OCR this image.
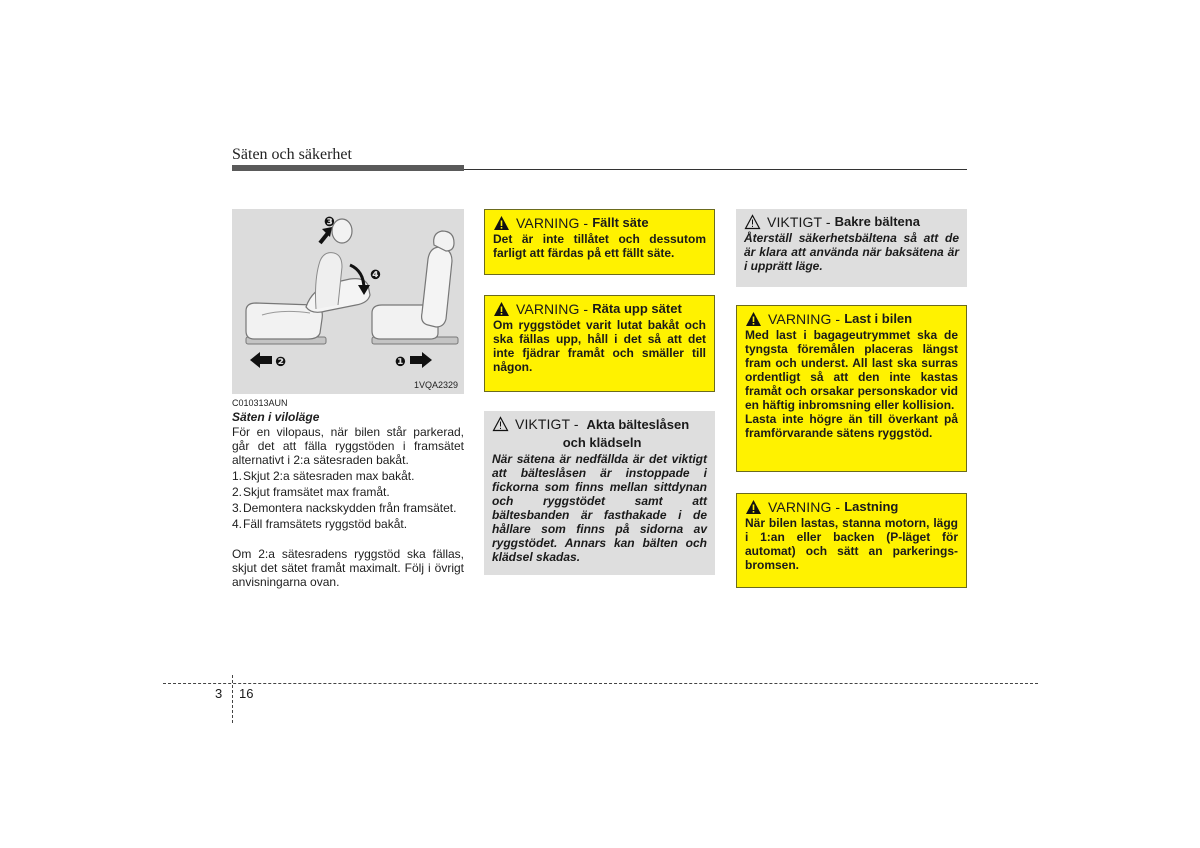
Säten och säkerhet
❸
❹
❷	❶
1VQA2329
C010313AUN
Säten i viloläge

För en vilopaus, när bilen står parkerad, går det att fälla ryggstöden i framsätet alternativt i 2:a sätesraden bakåt.

1. Skjut 2:a sätesraden max bakåt.
2. Skjut framsätet max framåt.
3. Demontera nackskydden från framsätet.
4. Fäll framsätets ryggstöd bakåt.

Om 2:a sätesradens ryggstöd ska fällas, skjut det sätet framåt maximalt. Följ i övrigt anvisningarna ovan.

VARNING - Fällt säte
Det är inte tillåtet och dessutom farligt att färdas på ett fällt säte.
VARNING - Räta upp sätet
Om ryggstödet varit lutat bakåt och ska fällas upp, håll i det så att det inte fjädrar framåt och smäller till någon.
VIKTIGT - Akta bälteslåsen
och klädseln
När sätena är nedfällda är det viktigt att bälteslåsen är instoppade i fickorna som finns mellan sittdynan och ryggstödet samt att bältesbanden är fasthakade i de hållare som finns på sidorna av ryggstödet. Annars kan bälten och klädsel skadas.
VIKTIGT - Bakre bältena
Återställ säkerhetsbältena så att de är klara att använda när baksätena är i upprätt läge.
VARNING - Last i bilen
Med last i bagageutrymmet ska de tyngsta föremålen placeras längst fram och underst. All last ska surras ordentligt så att den inte kastas framåt och orsakar personskador vid en häftig inbromsning eller kollision.
Lasta inte högre än till överkant på framförvarande sätens ryggstöd.
VARNING - Lastning
När bilen lastas, stanna motorn, lägg i 1:an eller backen (P-läget för automat) och sätt an parkerings-bromsen.
3 16
